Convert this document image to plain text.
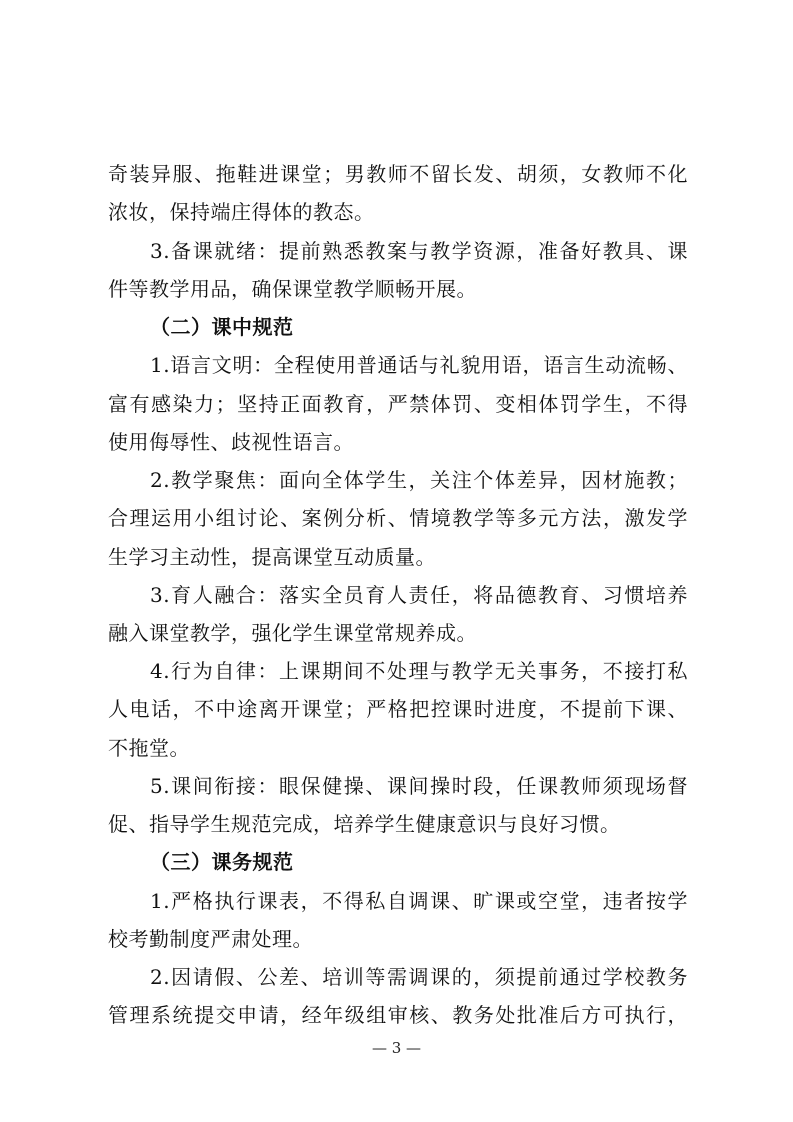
奇装异服、拖鞋进课堂；男教师不留长发、胡须，女教师不化
浓妆，保持端庄得体的教态。
3.备课就绪：提前熟悉教案与教学资源，准备好教具、课
件等教学用品，确保课堂教学顺畅开展。
（二）课中规范
1.语言文明：全程使用普通话与礼貌用语，语言生动流畅、
富有感染力；坚持正面教育，严禁体罚、变相体罚学生，不得
使用侮辱性、歧视性语言。
2.教学聚焦：面向全体学生，关注个体差异，因材施教；
合理运用小组讨论、案例分析、情境教学等多元方法，激发学
生学习主动性，提高课堂互动质量。
3.育人融合：落实全员育人责任，将品德教育、习惯培养
融入课堂教学，强化学生课堂常规养成。
4.行为自律：上课期间不处理与教学无关事务，不接打私
人电话，不中途离开课堂；严格把控课时进度，不提前下课、
不拖堂。
5.课间衔接：眼保健操、课间操时段，任课教师须现场督
促、指导学生规范完成，培养学生健康意识与良好习惯。
（三）课务规范
1.严格执行课表，不得私自调课、旷课或空堂，违者按学
校考勤制度严肃处理。
2.因请假、公差、培训等需调课的，须提前通过学校教务
管理系统提交申请，经年级组审核、教务处批准后方可执行，
— 3 —
